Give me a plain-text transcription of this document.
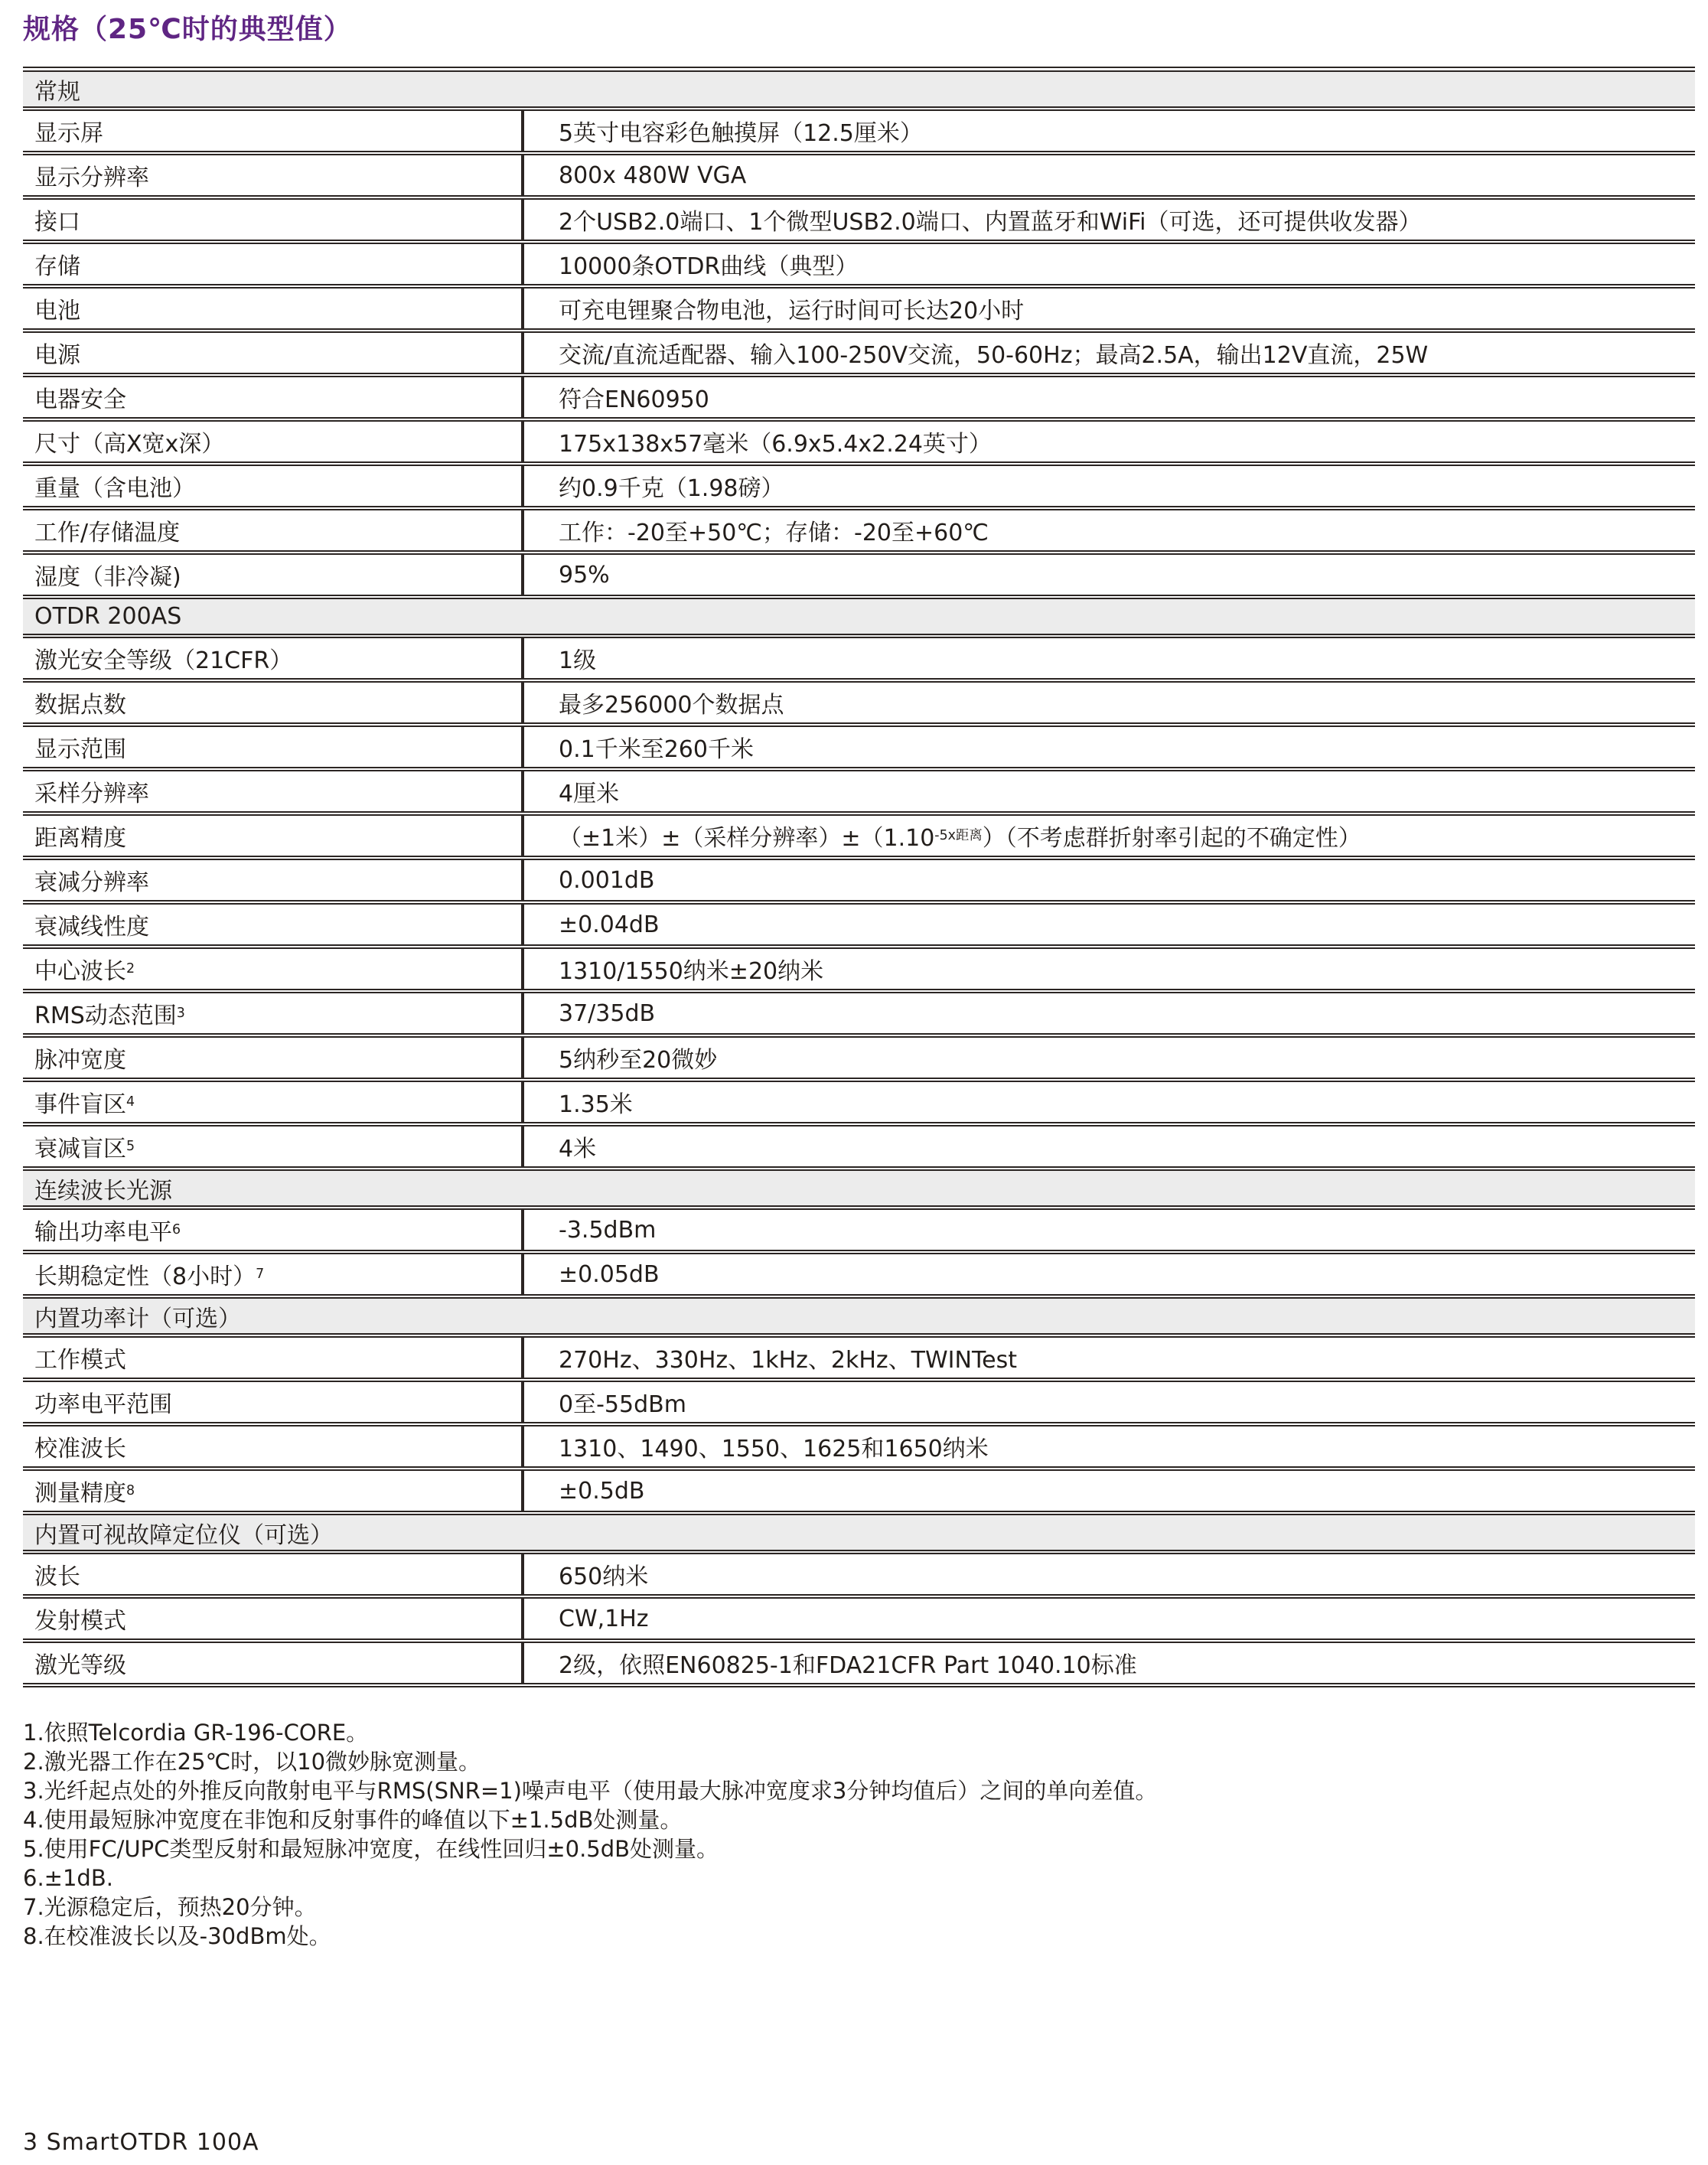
规格（25℃时的典型值）
常规
显示屏	5英寸电容彩色触摸屏（12.5厘米）
显示分辨率	800x 480W VGA
接口	2个USB2.0端口、1个微型USB2.0端口、内置蓝牙和WiFi（可选，还可提供收发器）
存储	10000条OTDR曲线（典型）
电池	可充电锂聚合物电池，运行时间可长达20小时
电源	交流/直流适配器、输入100-250V交流，50-60Hz；最高2.5A，输出12V直流，25W
电器安全	符合EN60950
尺寸（高X宽x深）	175x138x57毫米（6.9x5.4x2.24英寸）
重量（含电池）	约0.9千克（1.98磅）
工作/存储温度	工作：-20至+50℃；存储：-20至+60℃
湿度（非冷凝)	95%
OTDR 200AS
激光安全等级（21CFR）	1级
数据点数	最多256000个数据点
显示范围	0.1千米至260千米
采样分辨率	4厘米
距离精度	（±1米）±（采样分辨率）±（1.10 -5x距离 ）（不考虑群折射率引起的不确定性）
衰减分辨率	0.001dB
衰减线性度	±0.04dB
中心波长 2	1310/1550纳米±20纳米
RMS动态范围 3	37/35dB
脉冲宽度	5纳秒至20微妙
事件盲区 4	1.35米
衰减盲区 5	4米
连续波长光源
输出功率电平 6	-3.5dBm
长期稳定性（8小时） 7	±0.05dB
内置功率计（可选）
工作模式	270Hz、330Hz、1kHz、2kHz、TWINTest
功率电平范围	0至-55dBm
校准波长	1310、1490、1550、1625和1650纳米
测量精度 8	±0.5dB
内置可视故障定位仪（可选）
波长	650纳米
发射模式	CW,1Hz
激光等级	2级，依照EN60825-1和FDA21CFR Part 1040.10标准
1.依照Telcordia GR-196-CORE。
2.激光器工作在25℃时，以10微妙脉宽测量。
3.光纤起点处的外推反向散射电平与RMS(SNR=1)噪声电平（使用最大脉冲宽度求3分钟均值后）之间的单向差值。
4.使用最短脉冲宽度在非饱和反射事件的峰值以下±1.5dB处测量。
5.使用FC/UPC类型反射和最短脉冲宽度，在线性回归±0.5dB处测量。
6.±1dB.
7.光源稳定后，预热20分钟。
8.在校准波长以及-30dBm处。
3 SmartOTDR 100A
